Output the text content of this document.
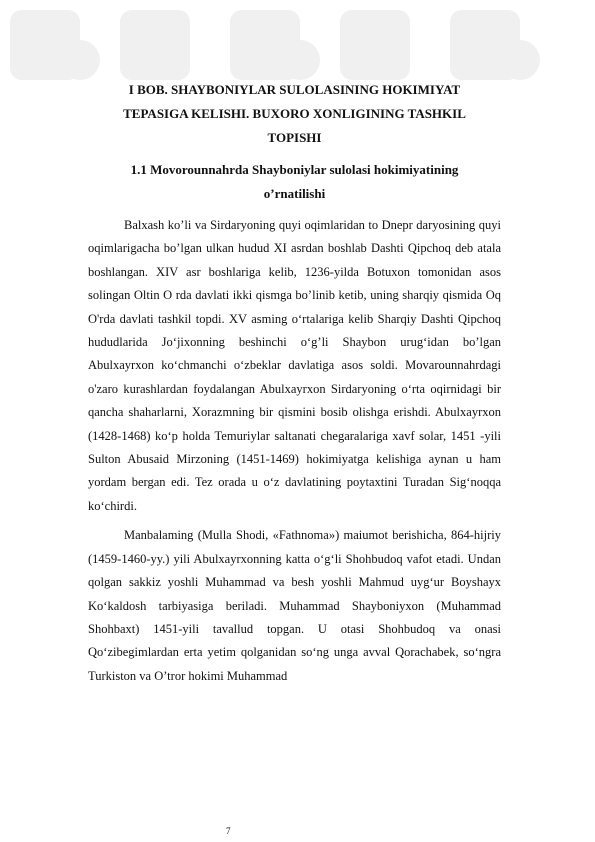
I BOB. SHAYBONIYLAR SULOLASINING HOKIMIYAT
TEPASIGA KELISHI. BUXORO XONLIGINING TASHKIL
TOPISHI

1.1 Movorounnahrda Shayboniylar sulolasi hokimiyatining
o’rnatilishi

Balxash ko’li va Sirdaryoning quyi oqimlaridan to Dnepr daryosining quyi oqimlarigacha bo’lgan ulkan hudud XI asrdan boshlab Dashti Qipchoq deb atala boshlangan. XIV asr boshlariga kelib, 1236-yilda Botuxon tomonidan asos solingan Oltin O rda davlati ikki qismga bo’linib ketib, uning sharqiy qismida Oq O'rda davlati tashkil topdi. XV asming o‘rtalariga kelib Sharqiy Dashti Qipchoq hududlarida Jo‘jixonning beshinchi o‘g’li Shaybon urug‘idan bo’lgan Abulxayrxon ko‘chmanchi o‘zbeklar davlatiga asos soldi. Movarounnahrdagi o'zaro kurashlardan foydalangan Abulxayrxon Sirdaryoning o‘rta oqirnidagi bir qancha shaharlarni, Xorazmning bir qismini bosib olishga erishdi. Abulxayrxon (1428-1468) ko‘p holda Temuriylar saltanati chegaralariga xavf solar, 1451 -yili Sulton Abusaid Mirzoning (1451-1469) hokimiyatga kelishiga aynan u ham yordam bergan edi. Tez orada u o‘z davlatining poytaxtini Turadan Sig‘noqqa ko‘chirdi.

Manbalaming (Mulla Shodi, «Fathnoma») maiumot berishicha, 864-hijriy (1459-1460-yy.) yili Abulxayrxonning katta o‘g‘li Shohbudoq vafot etadi. Undan qolgan sakkiz yoshli Muhammad va besh yoshli Mahmud uyg‘ur Boyshayx Ko‘kaldosh tarbiyasiga beriladi. Muhammad Shayboniyxon (Muhammad Shohbaxt) 1451-yili tavallud topgan. U otasi Shohbudoq va onasi Qo‘zibegimlardan erta yetim qolganidan so‘ng unga avval Qorachabek, so‘ngra Turkiston va O’tror hokimi Muhammad

7
